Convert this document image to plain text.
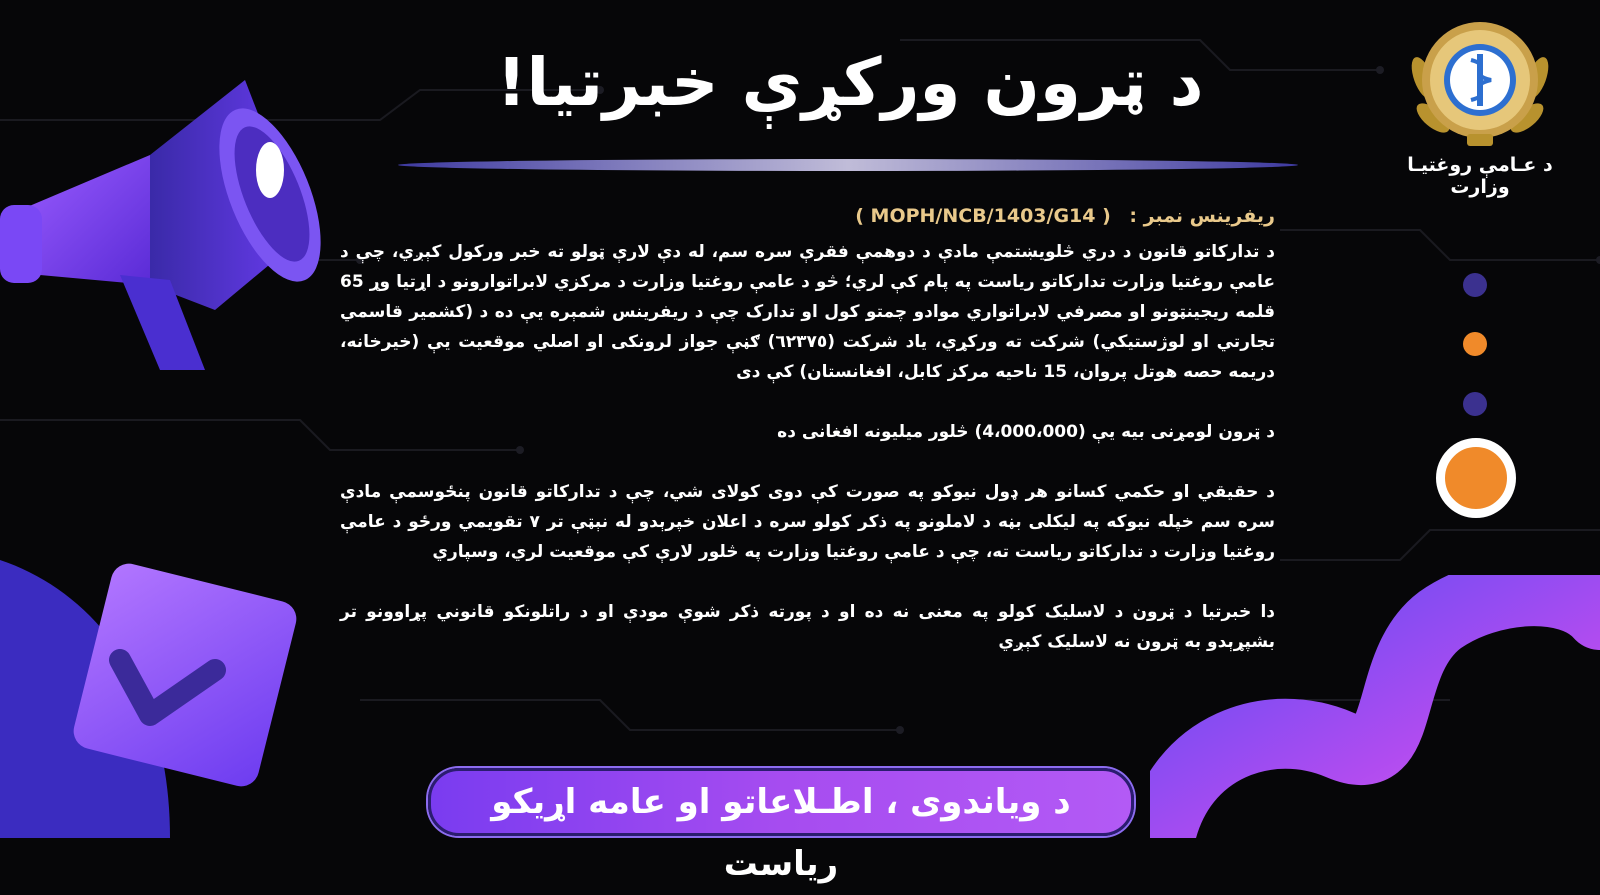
د ټرون ورکړې خبرتیا!
د عـامې روغتیـا وزارت
ریفرینس نمبر : ( MOPH/NCB/1403/G14 )

د تدارکاتو قانون د دري څلويښتمې مادې د دوهمې فقرې سره سم، له دې لارې ټولو ته خبر ورکول کېږي، چې د عامې روغتیا وزارت تدارکاتو ریاست په پام کې لري؛ څو د عامې روغتیا وزارت د مرکزي لابراتوارونو د اړتیا وړ 65 قلمه ریجینټونو او مصرفي لابراتواري موادو چمتو کول او تدارک چې د ریفرینس شمېره یې ده د (کشمیر قاسمي تجارتي او لوژستیکي) شرکت ته ورکړي، یاد شرکت (٦٢٣٧٥) ګڼې جواز لرونکی او اصلي موقعیت یې (خیرخانه، دریمه حصه هوتل پروان، 15 ناحیه مرکز کابل، افغانستان) کې دی

د ټرون لومړنی بیه یې (4،000،000) څلور میلیونه افغانی ده

د حقیقي او حکمي کسانو هر ډول نیوکو په صورت کې دوی کولای شي، چې د تدارکاتو قانون پنځوسمې مادې سره سم خپله نیوکه په لیکلی بڼه د لاملونو په ذکر کولو سره د اعلان خپرېدو له نېټې تر ۷ تقویمي ورځو د عامې روغتیا وزارت د تدارکاتو ریاست ته، چې د عامې روغتیا وزارت په څلور لارې کې موقعیت لري، وسپاري

دا خبرتیا د ټرون د لاسلیک کولو په معنی نه ده او د پورته ذکر شوې مودې او د راتلونکو قانوني پړاوونو تر بشپړېدو به ټرون نه لاسلیک کېږي

د ویاندوی ، اطـلاعاتو او عامه اړیکو ریاست
